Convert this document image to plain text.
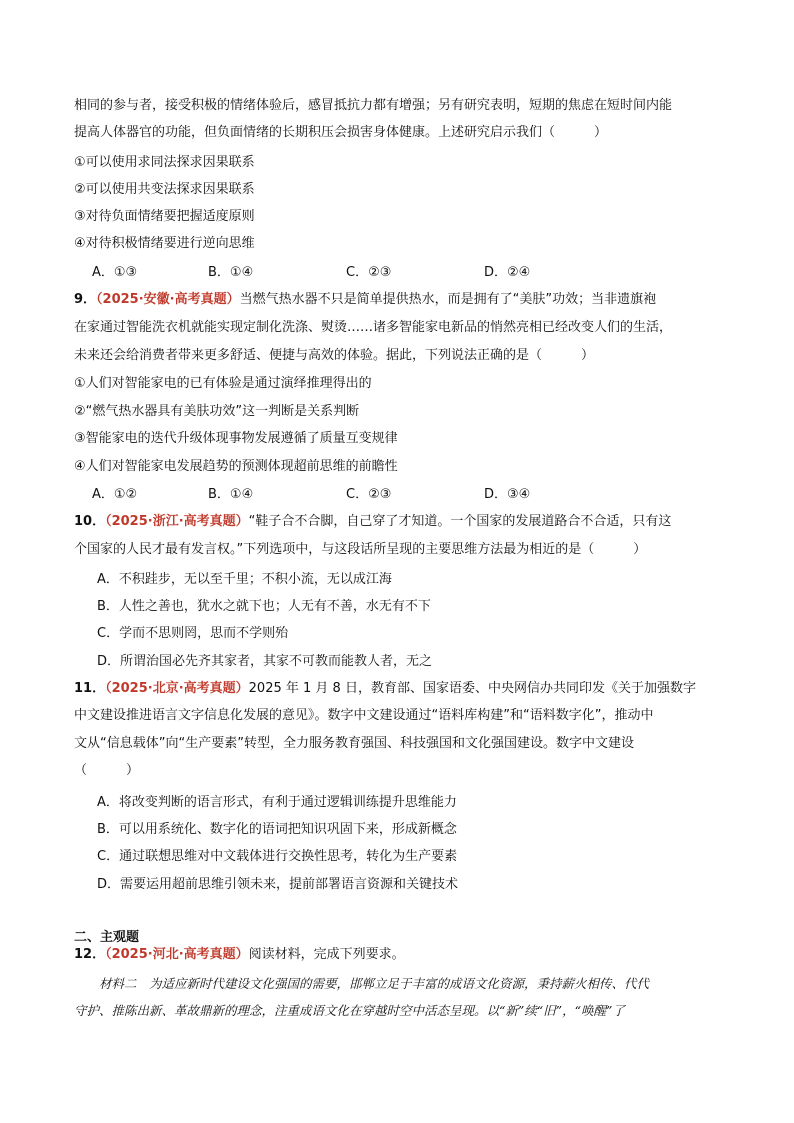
相同的参与者，接受积极的情绪体验后，感冒抵抗力都有增强；另有研究表明，短期的焦虑在短时间内能
提高人体器官的功能，但负面情绪的长期积压会损害身体健康。上述研究启示我们（　　　）
①可以使用求同法探求因果联系
②可以使用共变法探求因果联系
③对待负面情绪要把握适度原则
④对待积极情绪要进行逆向思维
A．①③	B．①④	C．②③	D．②④
9．（2025·安徽·高考真题）当燃气热水器不只是简单提供热水，而是拥有了“美肤”功效；当非遗旗袍
在家通过智能洗衣机就能实现定制化洗涤、熨烫……诸多智能家电新品的悄然亮相已经改变人们的生活，
未来还会给消费者带来更多舒适、便捷与高效的体验。据此，下列说法正确的是（　　　）
①人们对智能家电的已有体验是通过演绎推理得出的
②“燃气热水器具有美肤功效”这一判断是关系判断
③智能家电的迭代升级体现事物发展遵循了质量互变规律
④人们对智能家电发展趋势的预测体现超前思维的前瞻性
A．①②	B．①④	C．②③	D．③④
10．（2025·浙江·高考真题）“鞋子合不合脚，自己穿了才知道。一个国家的发展道路合不合适，只有这
个国家的人民才最有发言权。”下列选项中，与这段话所呈现的主要思维方法最为相近的是（　　　）
A．不积跬步，无以至千里；不积小流，无以成江海
B．人性之善也，犹水之就下也；人无有不善，水无有不下
C．学而不思则罔，思而不学则殆
D．所谓治国必先齐其家者，其家不可教而能教人者，无之
11．（2025·北京·高考真题）2025 年 1 月 8 日，教育部、国家语委、中央网信办共同印发《关于加强数字
中文建设推进语言文字信息化发展的意见》。数字中文建设通过“语料库构建”和“语料数字化”，推动中
文从“信息载体”向“生产要素”转型，全力服务教育强国、科技强国和文化强国建设。数字中文建设
（　　　）
A．将改变判断的语言形式，有利于通过逻辑训练提升思维能力
B．可以用系统化、数字化的语词把知识巩固下来，形成新概念
C．通过联想思维对中文载体进行交换性思考，转化为生产要素
D．需要运用超前思维引领未来，提前部署语言资源和关键技术
二、主观题
12．（2025·河北·高考真题）阅读材料，完成下列要求。
材料二　为适应新时代建设文化强国的需要，邯郸立足于丰富的成语文化资源，秉持薪火相传、代代
守护、推陈出新、革故鼎新的理念，注重成语文化在穿越时空中活态呈现。以“新”续“旧”，“唤醒”了
